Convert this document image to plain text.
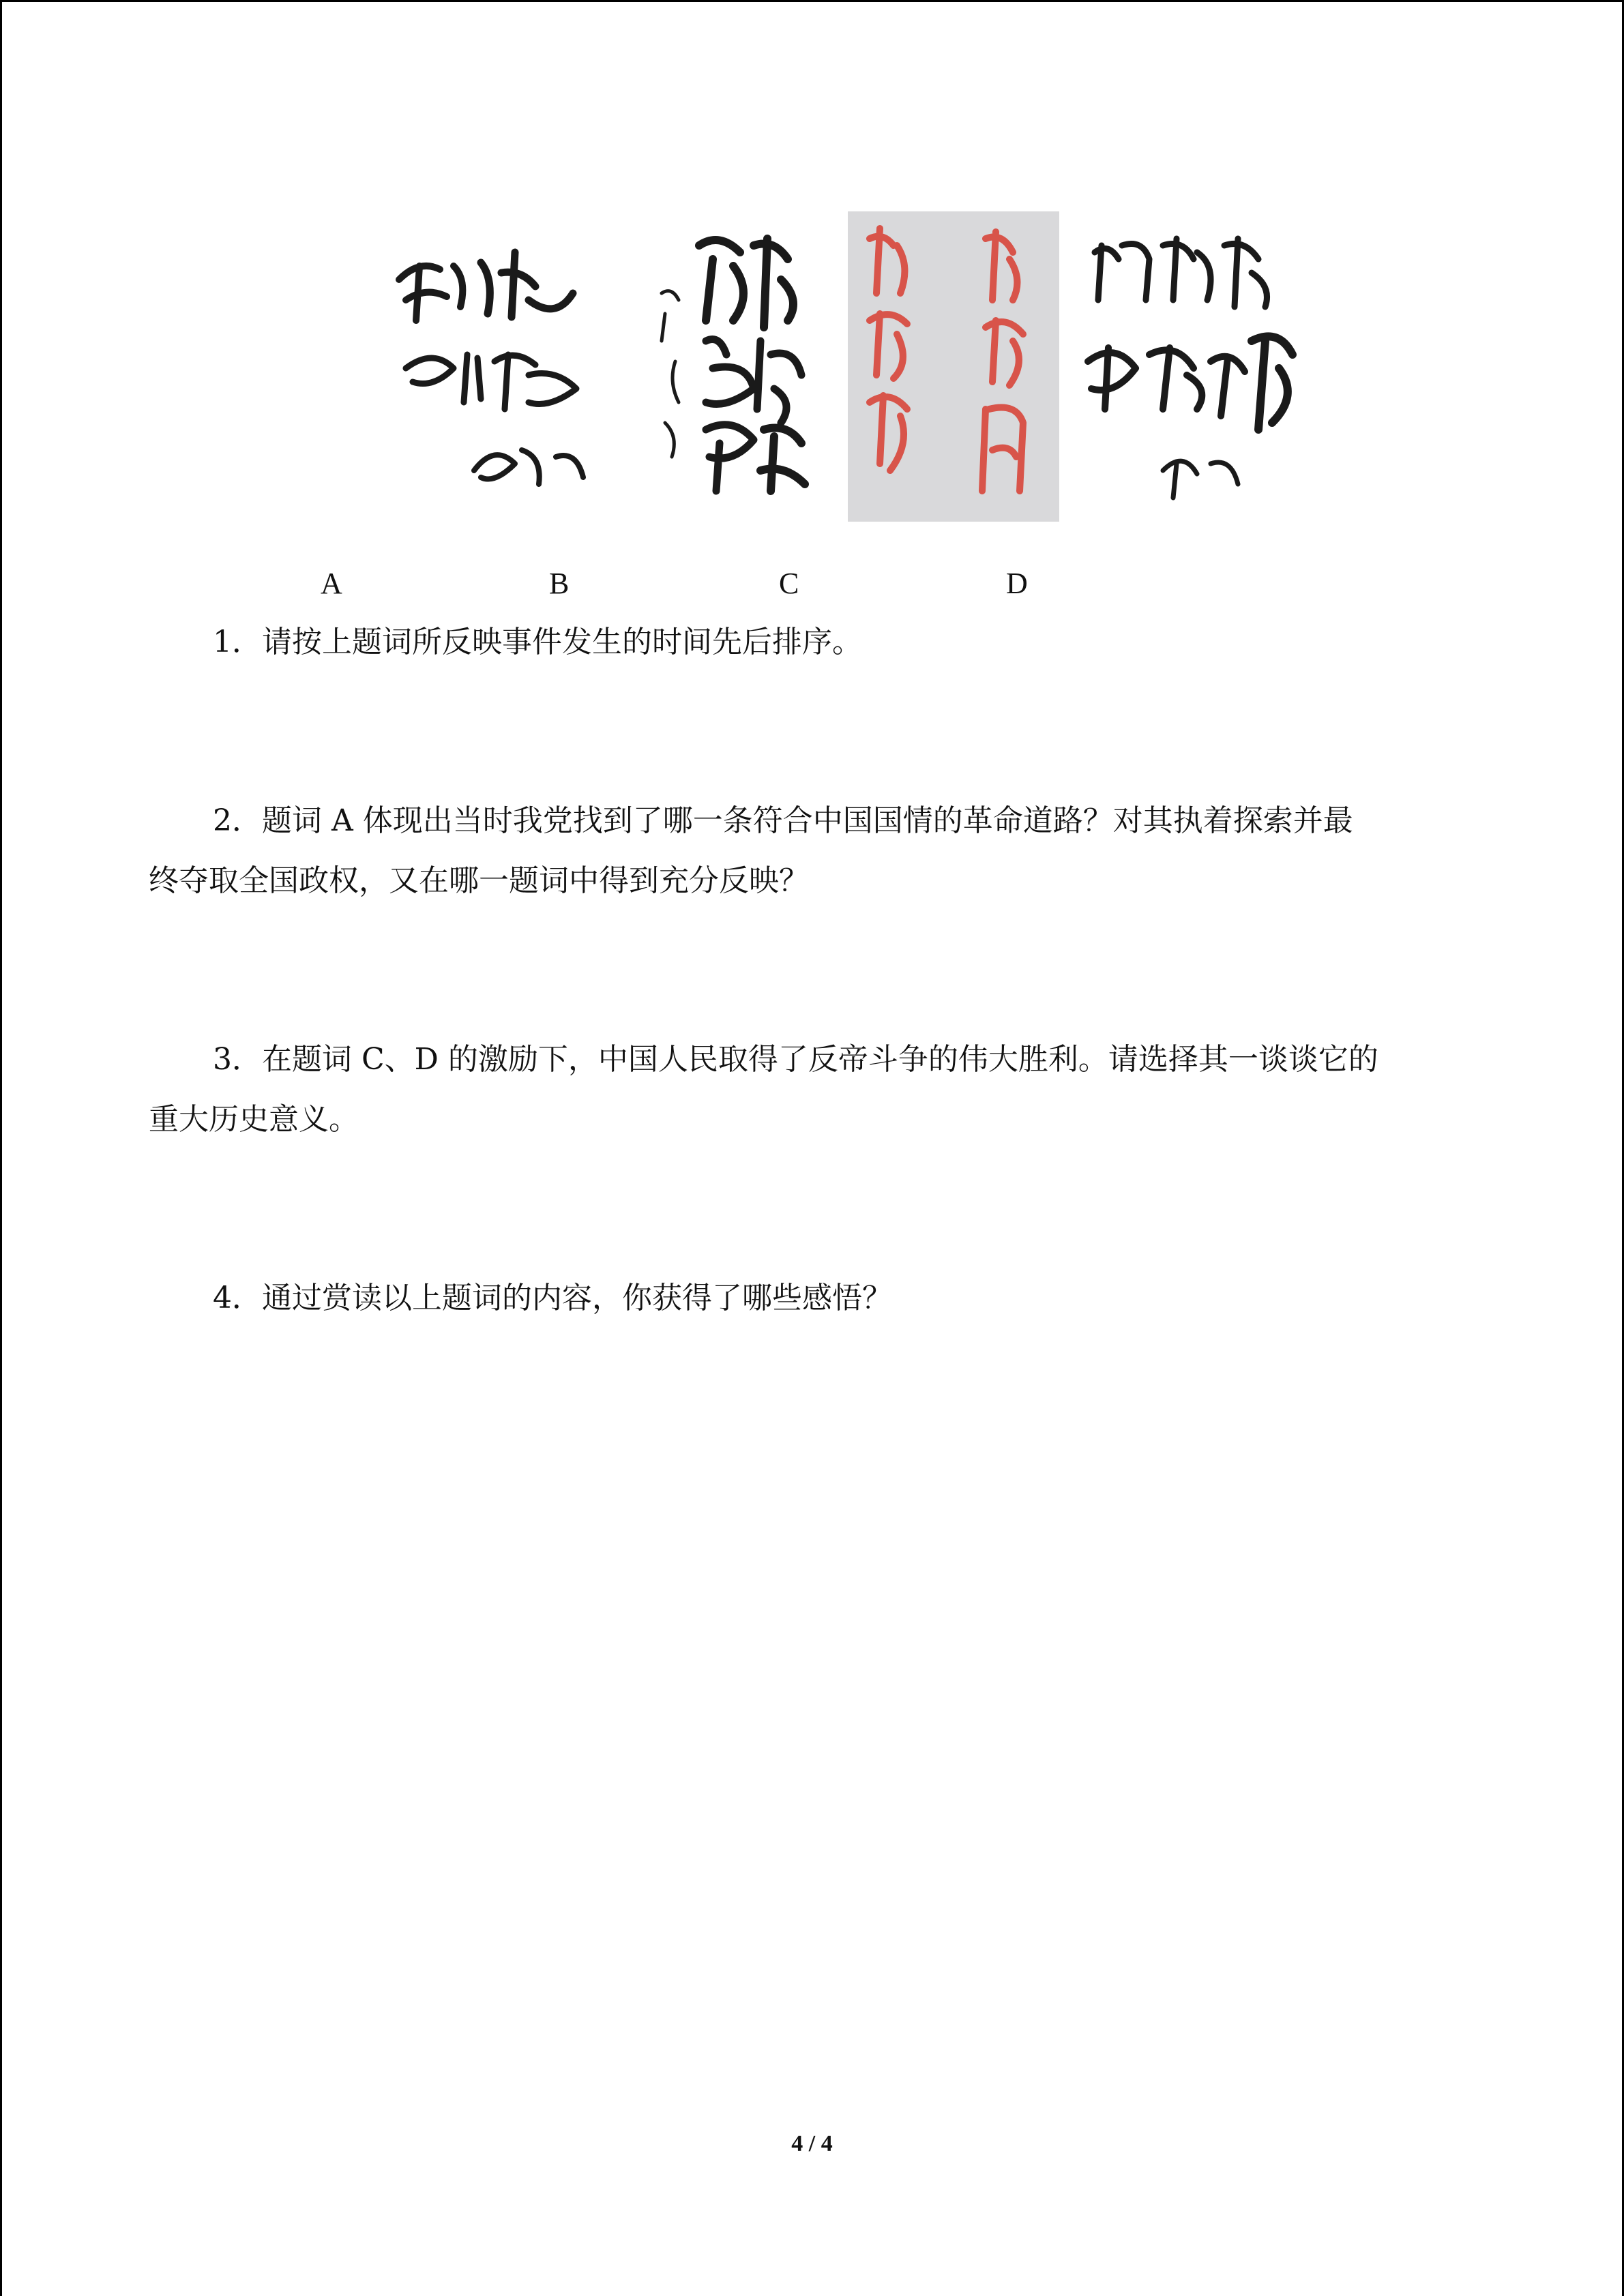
A	B	C	D
1．请按上题词所反映事件发生的时间先后排序。
2．题词 A 体现出当时我党找到了哪一条符合中国国情的革命道路？对其执着探索并最
终夺取全国政权，又在哪一题词中得到充分反映？
3．在题词 C、D 的激励下，中国人民取得了反帝斗争的伟大胜利。请选择其一谈谈它的
重大历史意义。
4．通过赏读以上题词的内容，你获得了哪些感悟？
4 / 4
